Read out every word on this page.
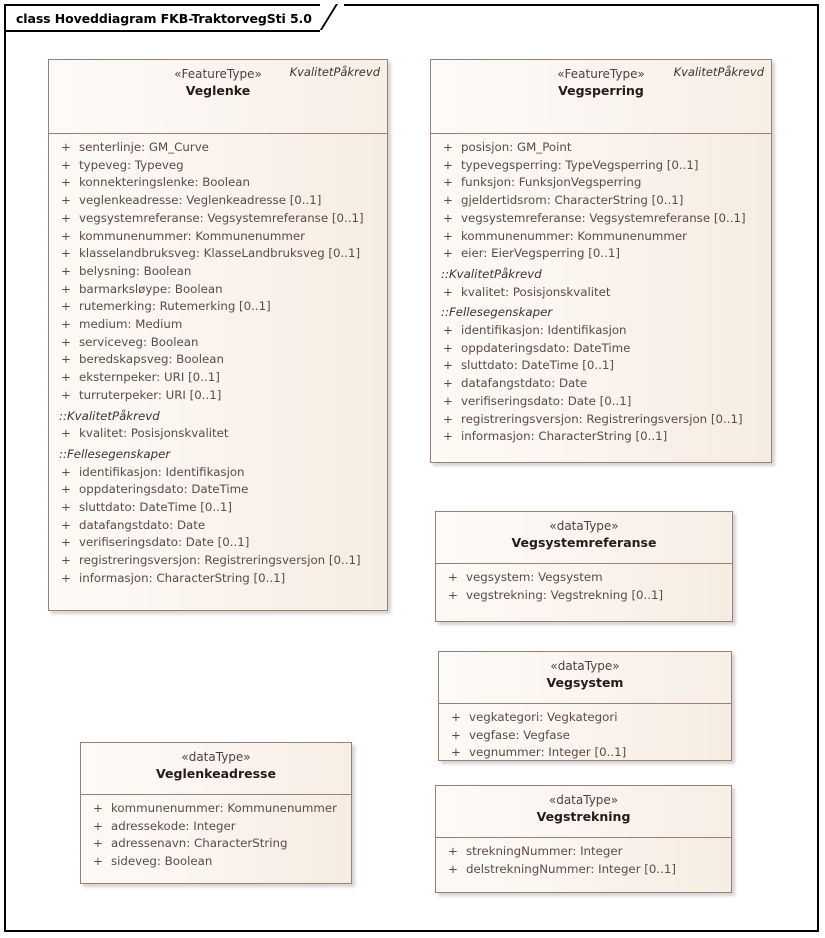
class Hoveddiagram FKB-TraktorvegSti 5.0
KvalitetPåkrevd
«FeatureType»
Veglenke
+ senterlinje: GM_Curve
+ typeveg: Typeveg
+ konnekteringslenke: Boolean
+ veglenkeadresse: Veglenkeadresse [0..1]
+ vegsystemreferanse: Vegsystemreferanse [0..1]
+ kommunenummer: Kommunenummer
+ klasselandbruksveg: KlasseLandbruksveg [0..1]
+ belysning: Boolean
+ barmarksløype: Boolean
+ rutemerking: Rutemerking [0..1]
+ medium: Medium
+ serviceveg: Boolean
+ beredskapsveg: Boolean
+ eksternpeker: URI [0..1]
+ turruterpeker: URI [0..1]
::KvalitetPåkrevd
+ kvalitet: Posisjonskvalitet
::Fellesegenskaper
+ identifikasjon: Identifikasjon
+ oppdateringsdato: DateTime
+ sluttdato: DateTime [0..1]
+ datafangstdato: Date
+ verifiseringsdato: Date [0..1]
+ registreringsversjon: Registreringsversjon [0..1]
+ informasjon: CharacterString [0..1]
KvalitetPåkrevd
«FeatureType»
Vegsperring
+ posisjon: GM_Point
+ typevegsperring: TypeVegsperring [0..1]
+ funksjon: FunksjonVegsperring
+ gjeldertidsrom: CharacterString [0..1]
+ vegsystemreferanse: Vegsystemreferanse [0..1]
+ kommunenummer: Kommunenummer
+ eier: EierVegsperring [0..1]
::KvalitetPåkrevd
+ kvalitet: Posisjonskvalitet
::Fellesegenskaper
+ identifikasjon: Identifikasjon
+ oppdateringsdato: DateTime
+ sluttdato: DateTime [0..1]
+ datafangstdato: Date
+ verifiseringsdato: Date [0..1]
+ registreringsversjon: Registreringsversjon [0..1]
+ informasjon: CharacterString [0..1]
«dataType»
Vegsystemreferanse
+ vegsystem: Vegsystem
+ vegstrekning: Vegstrekning [0..1]
«dataType»
Vegsystem
+ vegkategori: Vegkategori
+ vegfase: Vegfase
+ vegnummer: Integer [0..1]
«dataType»
Vegstrekning
+ strekningNummer: Integer
+ delstrekningNummer: Integer [0..1]
«dataType»
Veglenkeadresse
+ kommunenummer: Kommunenummer
+ adressekode: Integer
+ adressenavn: CharacterString
+ sideveg: Boolean
